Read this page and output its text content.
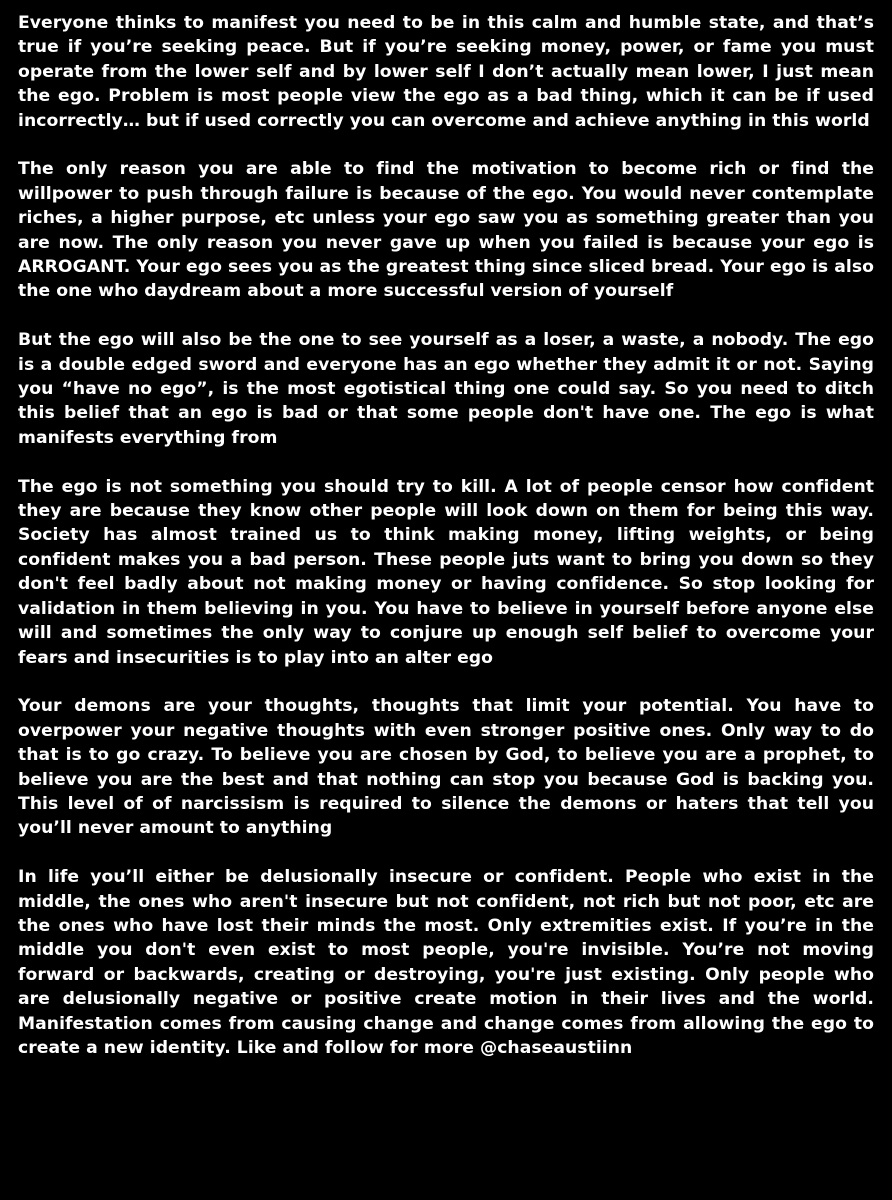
Everyone thinks to manifest you need to be in this calm and humble state, and that’s true if you’re seeking peace. But if you’re seeking money, power, or fame you must operate from the lower self and by lower self I don’t actually mean lower, I just mean the ego. Problem is most people view the ego as a bad thing, which it can be if used incorrectly… but if used correctly you can overcome and achieve anything in this world

The only reason you are able to find the motivation to become rich or find the willpower to push through failure is because of the ego. You would never contemplate riches, a higher purpose, etc unless your ego saw you as something greater than you are now. The only reason you never gave up when you failed is because your ego is ARROGANT. Your ego sees you as the greatest thing since sliced bread. Your ego is also the one who daydream about a more successful version of yourself

But the ego will also be the one to see yourself as a loser, a waste, a nobody. The ego is a double edged sword and everyone has an ego whether they admit it or not. Saying you “have no ego”, is the most egotistical thing one could say. So you need to ditch this belief that an ego is bad or that some people don't have one. The ego is what manifests everything from

The ego is not something you should try to kill. A lot of people censor how confident they are because they know other people will look down on them for being this way. Society has almost trained us to think making money, lifting weights, or being confident makes you a bad person. These people juts want to bring you down so they don't feel badly about not making money or having confidence. So stop looking for validation in them believing in you. You have to believe in yourself before anyone else will and sometimes the only way to conjure up enough self belief to overcome your fears and insecurities is to play into an alter ego

Your demons are your thoughts, thoughts that limit your potential. You have to overpower your negative thoughts with even stronger positive ones. Only way to do that is to go crazy. To believe you are chosen by God, to believe you are a prophet, to believe you are the best and that nothing can stop you because God is backing you. This level of of narcissism is required to silence the demons or haters that tell you you’ll never amount to anything

In life you’ll either be delusionally insecure or confident. People who exist in the middle, the ones who aren't insecure but not confident, not rich but not poor, etc are the ones who have lost their minds the most. Only extremities exist. If you’re in the middle you don't even exist to most people, you're invisible. You’re not moving forward or backwards, creating or destroying, you're just existing. Only people who are delusionally negative or positive create motion in their lives and the world. Manifestation comes from causing change and change comes from allowing the ego to create a new identity. Like and follow for more @chaseaustiinn
